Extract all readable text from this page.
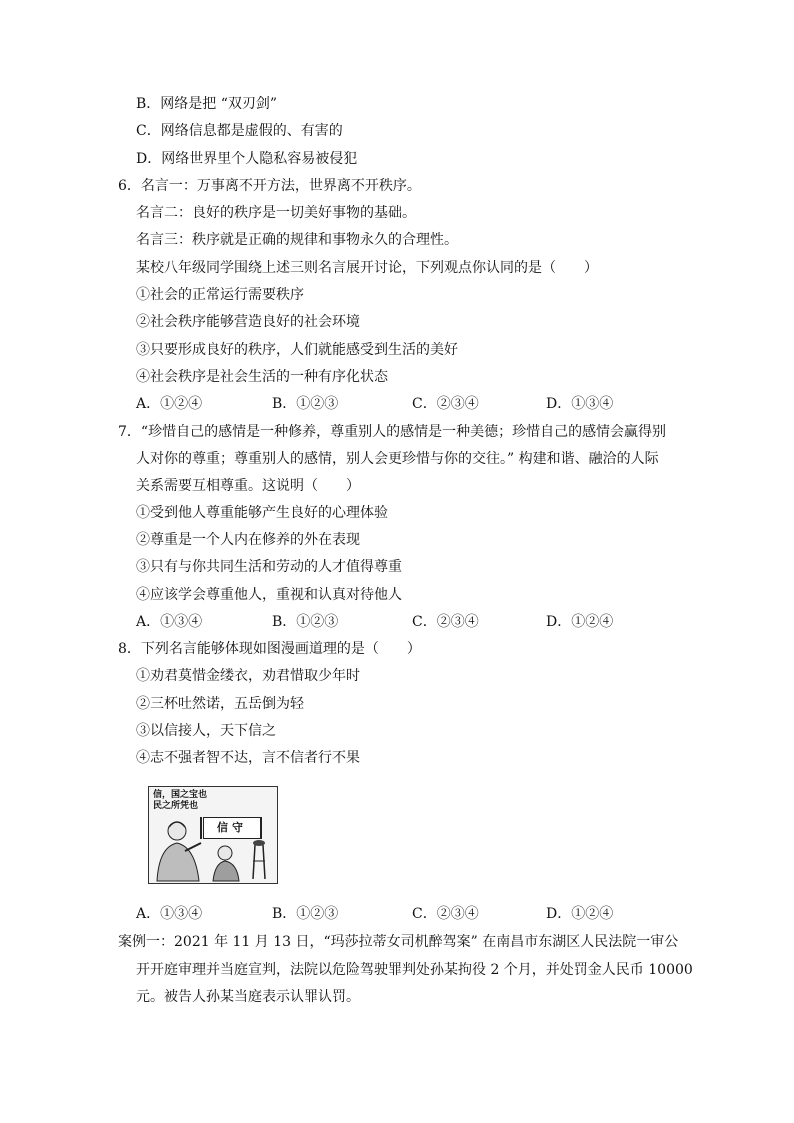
B．网络是把 “双刃剑”
C．网络信息都是虚假的、有害的
D．网络世界里个人隐私容易被侵犯
6．名言一：万事离不开方法，世界离不开秩序。
名言二：良好的秩序是一切美好事物的基础。
名言三：秩序就是正确的规律和事物永久的合理性。
某校八年级同学围绕上述三则名言展开讨论，下列观点你认同的是（　　）
①社会的正常运行需要秩序
②社会秩序能够营造良好的社会环境
③只要形成良好的秩序，人们就能感受到生活的美好
④社会秩序是社会生活的一种有序化状态
A．①②④	B．①②③	C．②③④	D．①③④
7．“珍惜自己的感情是一种修养，尊重别人的感情是一种美德；珍惜自己的感情会赢得别
人对你的尊重；尊重别人的感情，别人会更珍惜与你的交往。” 构建和谐、融洽的人际
关系需要互相尊重。这说明（　　）
①受到他人尊重能够产生良好的心理体验
②尊重是一个人内在修养的外在表现
③只有与你共同生活和劳动的人才值得尊重
④应该学会尊重他人，重视和认真对待他人
A．①③④	B．①②③	C．②③④	D．①②④
8．下列名言能够体现如图漫画道理的是（　　）
①劝君莫惜金缕衣，劝君惜取少年时
②三杯吐然诺，五岳倒为轻
③以信接人，天下信之
④志不强者智不达，言不信者行不果
信，国之宝也
民之所凭也
信守
A．①③④	B．①②③	C．②③④	D．①②④
案例一：2021 年 11 月 13 日，“玛莎拉蒂女司机醉驾案” 在南昌市东湖区人民法院一审公
开开庭审理并当庭宣判，法院以危险驾驶罪判处孙某拘役 2 个月，并处罚金人民币 10000
元。被告人孙某当庭表示认罪认罚。
